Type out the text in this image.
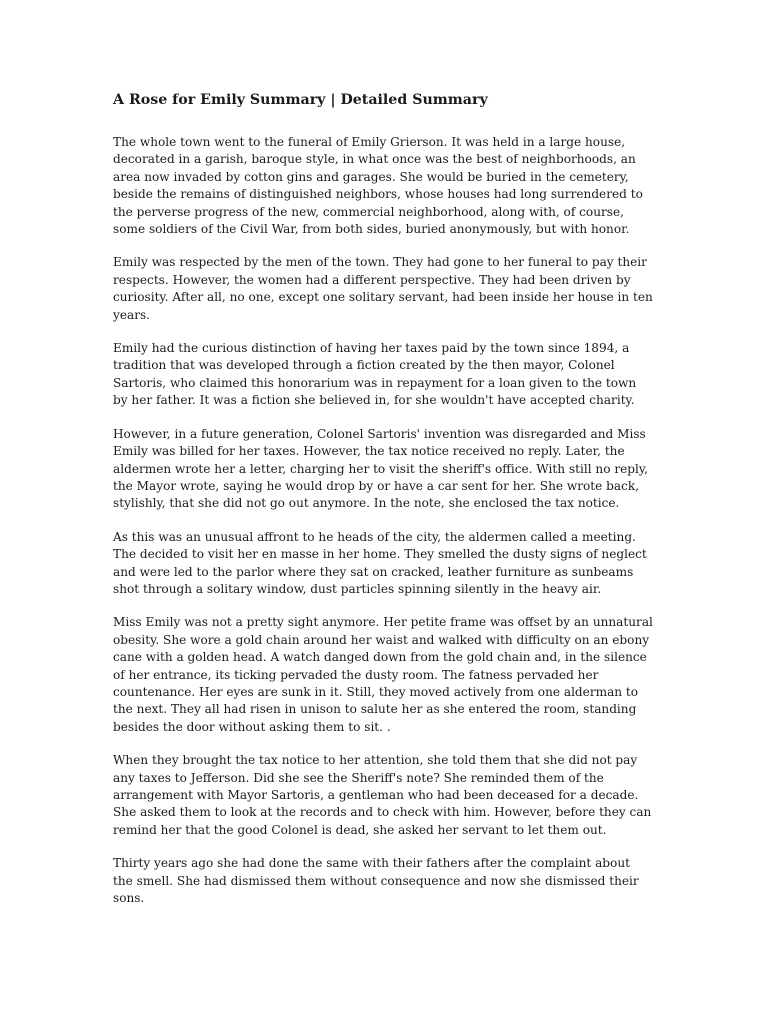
A Rose for Emily Summary | Detailed Summary

The whole town went to the funeral of Emily Grierson. It was held in a large house, decorated in a garish, baroque style, in what once was the best of neighborhoods, an area now invaded by cotton gins and garages. She would be buried in the cemetery, beside the remains of distinguished neighbors, whose houses had long surrendered to the perverse progress of the new, commercial neighborhood, along with, of course, some soldiers of the Civil War, from both sides, buried anonymously, but with honor.

Emily was respected by the men of the town. They had gone to her funeral to pay their respects. However, the women had a different perspective. They had been driven by curiosity. After all, no one, except one solitary servant, had been inside her house in ten years.

Emily had the curious distinction of having her taxes paid by the town since 1894, a tradition that was developed through a fiction created by the then mayor, Colonel Sartoris, who claimed this honorarium was in repayment for a loan given to the town by her father. It was a fiction she believed in, for she wouldn't have accepted charity.

However, in a future generation, Colonel Sartoris' invention was disregarded and Miss Emily was billed for her taxes. However, the tax notice received no reply. Later, the aldermen wrote her a letter, charging her to visit the sheriff's office. With still no reply, the Mayor wrote, saying he would drop by or have a car sent for her. She wrote back, stylishly, that she did not go out anymore. In the note, she enclosed the tax notice.

As this was an unusual affront to he heads of the city, the aldermen called a meeting. The decided to visit her en masse in her home. They smelled the dusty signs of neglect and were led to the parlor where they sat on cracked, leather furniture as sunbeams shot through a solitary window, dust particles spinning silently in the heavy air.

Miss Emily was not a pretty sight anymore. Her petite frame was offset by an unnatural obesity. She wore a gold chain around her waist and walked with difficulty on an ebony cane with a golden head. A watch danged down from the gold chain and, in the silence of her entrance, its ticking pervaded the dusty room. The fatness pervaded her countenance. Her eyes are sunk in it. Still, they moved actively from one alderman to the next. They all had risen in unison to salute her as she entered the room, standing besides the door without asking them to sit. .

When they brought the tax notice to her attention, she told them that she did not pay any taxes to Jefferson. Did she see the Sheriff's note? She reminded them of the arrangement with Mayor Sartoris, a gentleman who had been deceased for a decade. She asked them to look at the records and to check with him. However, before they can remind her that the good Colonel is dead, she asked her servant to let them out.

Thirty years ago she had done the same with their fathers after the complaint about the smell. She had dismissed them without consequence and now she dismissed their sons.
